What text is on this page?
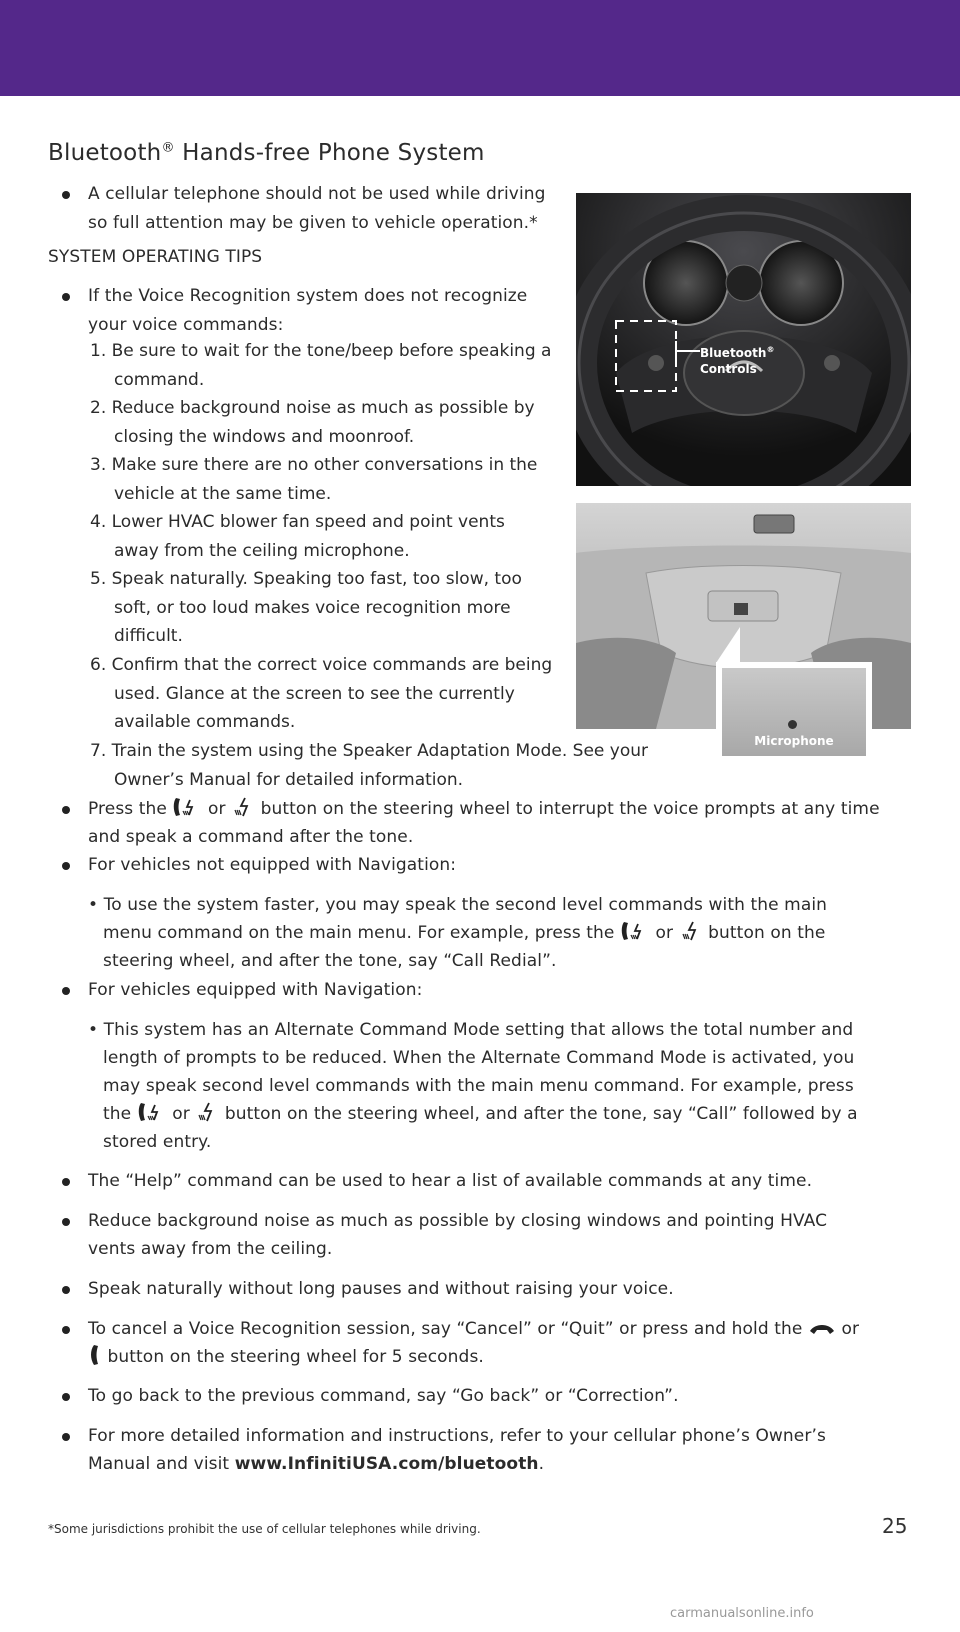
Bluetooth® Hands-free Phone System
A cellular telephone should not be used while driving so full attention may be given to vehicle operation.*
SYSTEM OPERATING TIPS
If the Voice Recognition system does not recognize your voice commands:
1. Be sure to wait for the tone/beep before speaking a command.
2. Reduce background noise as much as possible by closing the windows and moonroof.
3. Make sure there are no other conversations in the vehicle at the same time.
4. Lower HVAC blower fan speed and point vents away from the ceiling microphone.
5. Speak naturally. Speaking too fast, too slow, too soft, or too loud makes voice recognition more difficult.
6. Confirm that the correct voice commands are being used. Glance at the screen to see the currently available commands.
7. Train the system using the Speaker Adaptation Mode. See your Owner’s Manual for detailed information.
Press the or button on the steering wheel to interrupt the voice prompts at any time
and speak a command after the tone.
For vehicles not equipped with Navigation:
• To use the system faster, you may speak the second level commands with the main
menu command on the main menu. For example, press the or button on the
steering wheel, and after the tone, say “Call Redial”.
For vehicles equipped with Navigation:
• This system has an Alternate Command Mode setting that allows the total number and
length of prompts to be reduced. When the Alternate Command Mode is activated, you
may speak second level commands with the main menu command. For example, press
the or button on the steering wheel, and after the tone, say “Call” followed by a
stored entry.
The “Help” command can be used to hear a list of available commands at any time.
Reduce background noise as much as possible by closing windows and pointing HVAC
vents away from the ceiling.
Speak naturally without long pauses and without raising your voice.
To cancel a Voice Recognition session, say “Cancel” or “Quit” or press and hold the or
button on the steering wheel for 5 seconds.
To go back to the previous command, say “Go back” or “Correction”.
For more detailed information and instructions, refer to your cellular phone’s Owner’s
Manual and visit www.InfinitiUSA.com/bluetooth.
Bluetooth®
Controls
Microphone
*Some jurisdictions prohibit the use of cellular telephones while driving.	25
carmanualsonline.info
